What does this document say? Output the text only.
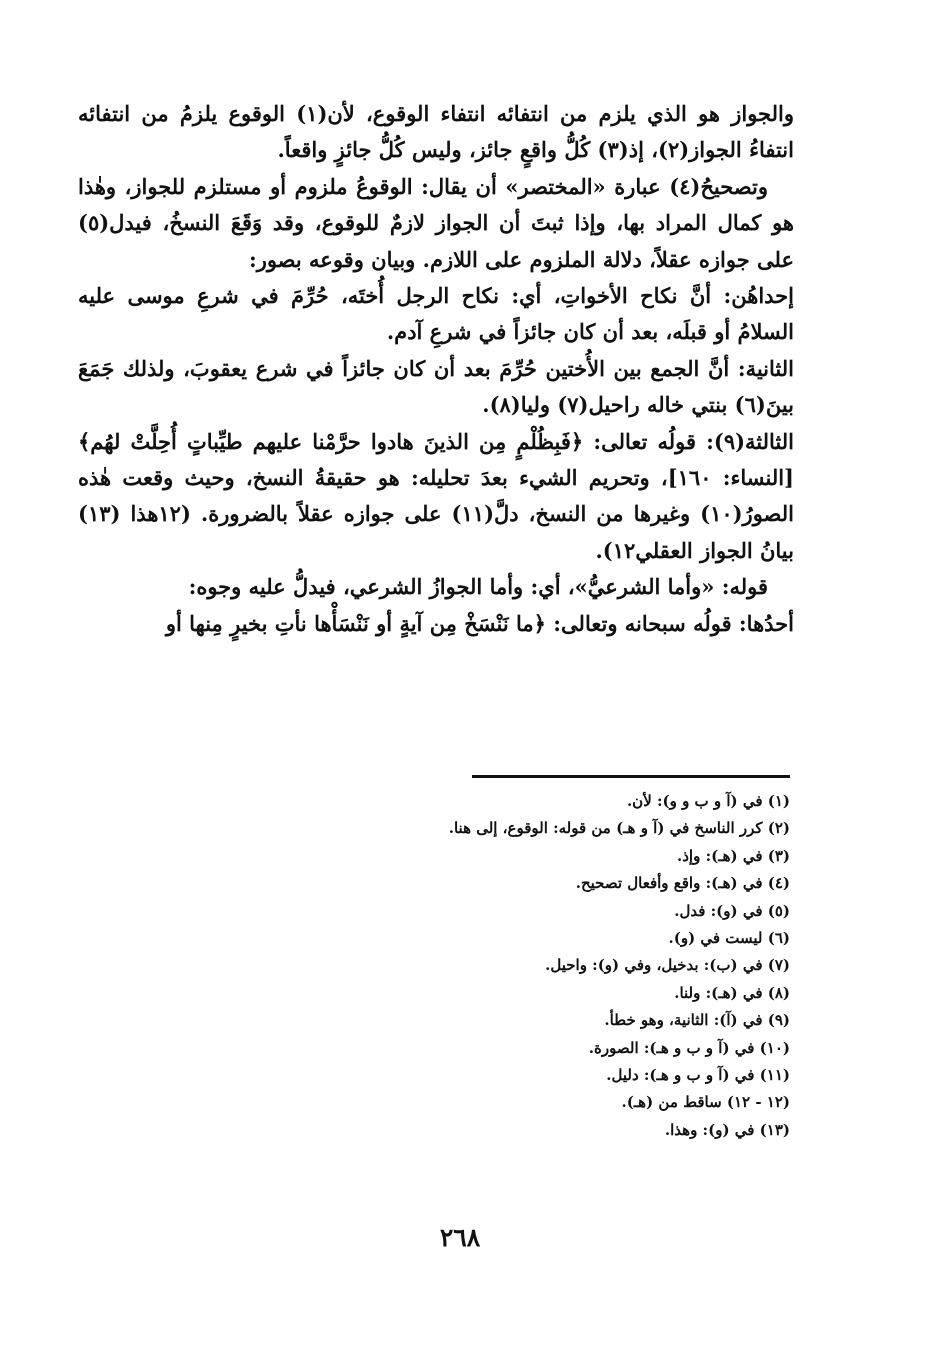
والجواز هو الذي يلزم من انتفائه انتفاء الوقوع، لأن(١) الوقوع يلزمُ من انتفائه انتفاءُ الجواز(٢)، إذ(٣) كُلُّ واقعٍ جائز، وليس كُلُّ جائزٍ واقعاً.

وتصحيحُ(٤) عبارة «المختصر» أن يقال: الوقوعُ ملزوم أو مستلزم للجواز، وهٰذا هو كمال المراد بها، وإذا ثبتَ أن الجواز لازمٌ للوقوع، وقد وَقَعَ النسخُ، فيدل(٥) على جوازه عقلاً، دلالة الملزوم على اللازم. وبيان وقوعه بصور:

إحداهُن: أنَّ نكاح الأخواتِ، أي: نكاح الرجل أُختَه، حُرِّمَ في شرعِ موسى عليه السلامُ أو قبلَه، بعد أن كان جائزاً في شرعِ آدم.

الثانية: أنَّ الجمع بين الأُختين حُرِّمَ بعد أن كان جائزاً في شرع يعقوبَ، ولذلك جَمَعَ بينَ(٦) بنتي خاله راحيل(٧) وليا(٨).

الثالثة(٩): قولُه تعالى: ﴿فَبِظُلْمٍ مِن الذينَ هادوا حرَّمْنا عليهم طيِّباتٍ أُحِلَّتْ لهُم﴾[النساء: ١٦٠]، وتحريم الشيء بعدَ تحليله: هو حقيقةُ النسخ، وحيث وقعت هٰذه الصورُ(١٠) وغيرها من النسخ، دلَّ(١١) على جوازه عقلاً بالضرورة. (١٢هذا (١٣) بيانُ الجواز العقلي١٢).

قوله: «وأما الشرعيُّ»، أي: وأما الجوازُ الشرعي، فيدلُّ عليه وجوه:

أحدُها: قولُه سبحانه وتعالى: ﴿ما نَنْسَخْ مِن آيةٍ أو نَنْسَأْها نأتِ بخيرٍ مِنها أو

(١) في (آ و ب و و): لأن.
(٢) كرر الناسخ في (آ و هـ) من قوله: الوقوع، إلى هنا.
(٣) في (هـ): وإذ.
(٤) في (هـ): واقع وأفعال تصحيح.
(٥) في (و): فدل.
(٦) ليست في (و).
(٧) في (ب): بدخيل، وفي (و): واحيل.
(٨) في (هـ): ولنا.
(٩) في (آ): الثانية، وهو خطأ.
(١٠) في (آ و ب و هـ): الصورة.
(١١) في (آ و ب و هـ): دليل.
(١٢ - ١٢) ساقط من (هـ).
(١٣) في (و): وهذا.
٢٦٨
